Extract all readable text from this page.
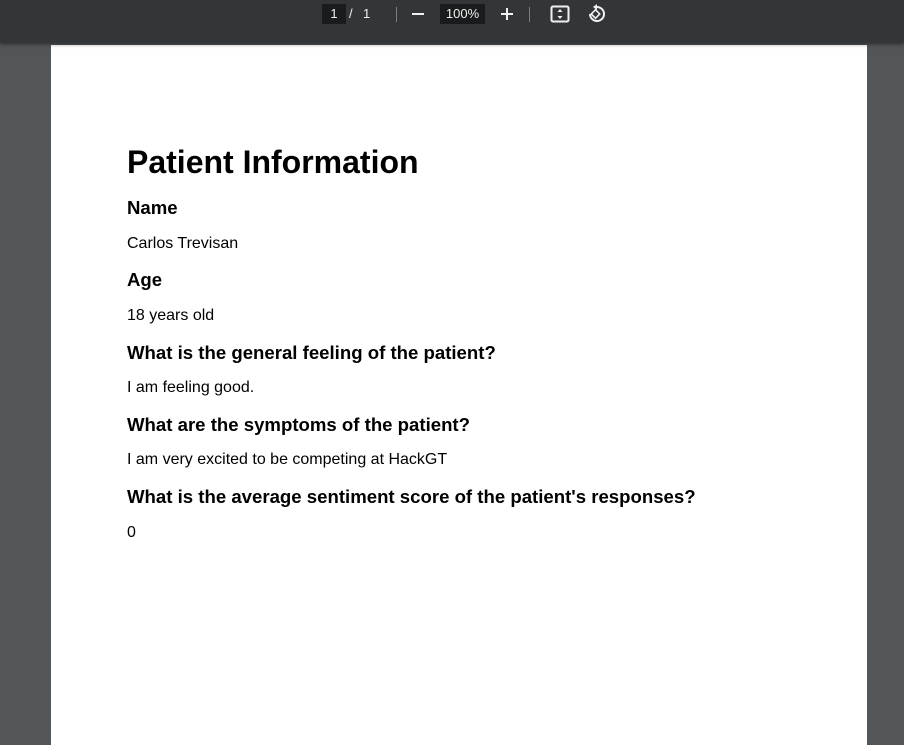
1
/ 1
100%
Patient Information
Name
Carlos Trevisan
Age
18 years old
What is the general feeling of the patient?
I am feeling good.
What are the symptoms of the patient?
I am very excited to be competing at HackGT
What is the average sentiment score of the patient's responses?
0
